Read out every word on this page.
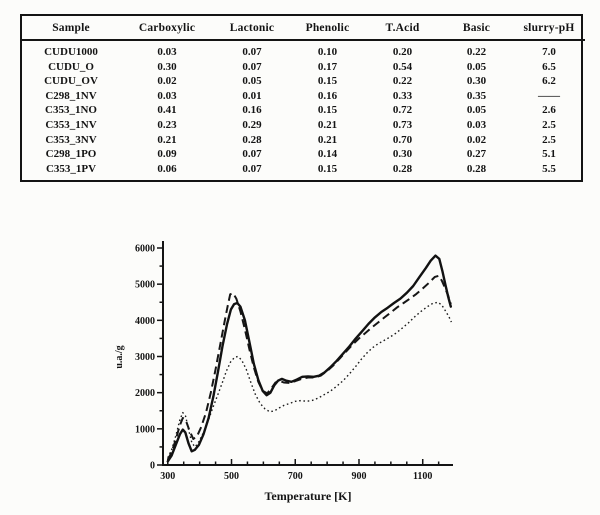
Sample	Carboxylic	Lactonic	Phenolic	T.Acid	Basic	slurry-pH
CUDU1000	0.03	0.07	0.10	0.20	0.22	7.0
CUDU_O	0.30	0.07	0.17	0.54	0.05	6.5
CUDU_OV	0.02	0.05	0.15	0.22	0.30	6.2
C298_1NV	0.03	0.01	0.16	0.33	0.35	——
C353_1NO	0.41	0.16	0.15	0.72	0.05	2.6
C353_1NV	0.23	0.29	0.21	0.73	0.03	2.5
C353_3NV	0.21	0.28	0.21	0.70	0.02	2.5
C298_1PO	0.09	0.07	0.14	0.30	0.27	5.1
C353_1PV	0.06	0.07	0.15	0.28	0.28	5.5
300	500	700	900	1100
0
1000
2000
3000
4000
5000
6000
Temperature [K]
u.a./g
